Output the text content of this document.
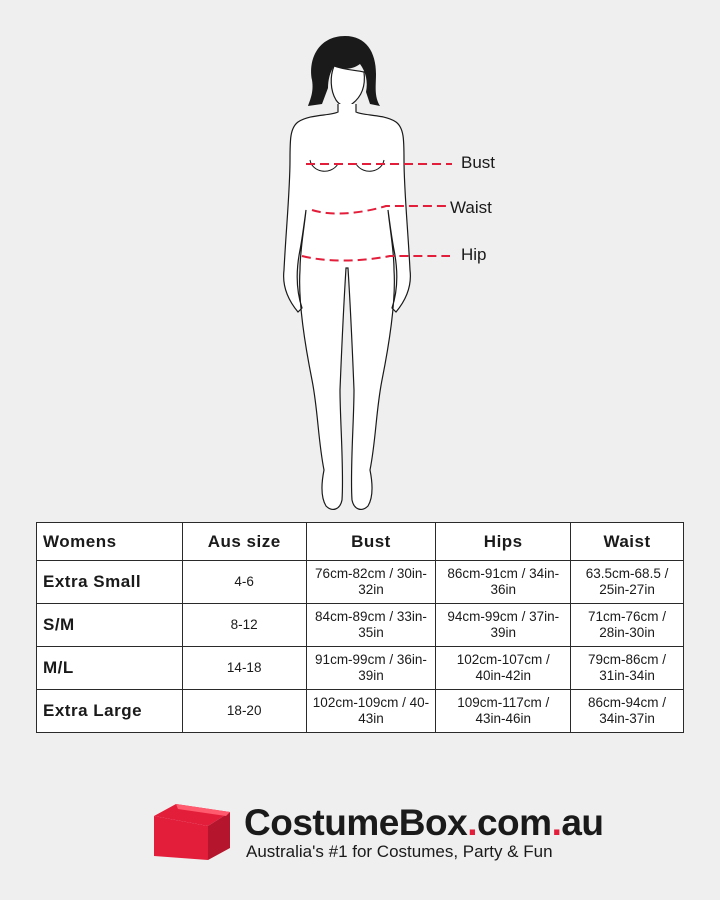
Bust
Waist
Hip
Womens	Aus size	Bust	Hips	Waist
Extra Small	4-6	76cm-82cm / 30in-32in	86cm-91cm / 34in-36in	63.5cm-68.5 / 25in-27in
S/M	8-12	84cm-89cm / 33in-35in	94cm-99cm / 37in-39in	71cm-76cm / 28in-30in
M/L	14-18	91cm-99cm / 36in-39in	102cm-107cm / 40in-42in	79cm-86cm / 31in-34in
Extra Large	18-20	102cm-109cm / 40-43in	109cm-117cm / 43in-46in	86cm-94cm / 34in-37in
CostumeBox.com.au
Australia's #1 for Costumes, Party & Fun
